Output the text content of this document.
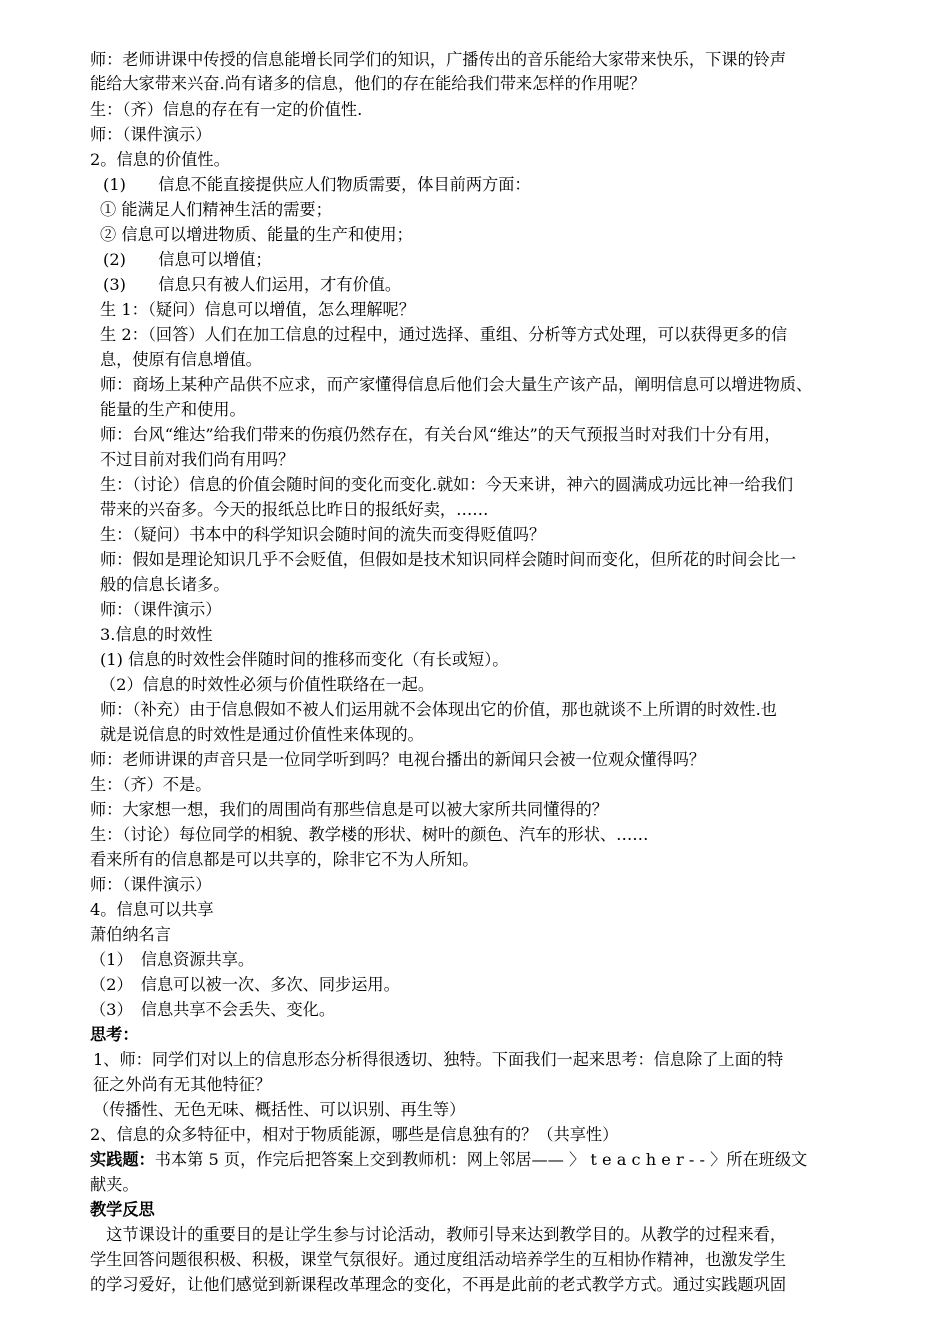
师：老师讲课中传授的信息能增长同学们的知识，广播传出的音乐能给大家带来快乐，下课的铃声
能给大家带来兴奋.尚有诸多的信息，他们的存在能给我们带来怎样的作用呢？
生：（齐）信息的存在有一定的价值性.
师：（课件演示）
2。信息的价值性。
(1)　　信息不能直接提供应人们物质需要，体目前两方面：
① 能满足人们精神生活的需要；
② 信息可以增进物质、能量的生产和使用；
(2)　　信息可以增值；
(3)　　信息只有被人们运用，才有价值。
生 1：（疑问）信息可以增值，怎么理解呢？
生 2：（回答）人们在加工信息的过程中，通过选择、重组、分析等方式处理，可以获得更多的信
息，使原有信息增值。
师：商场上某种产品供不应求，而产家懂得信息后他们会大量生产该产品，阐明信息可以增进物质、
能量的生产和使用。
师：台风“维达”给我们带来的伤痕仍然存在，有关台风“维达”的天气预报当时对我们十分有用，
不过目前对我们尚有用吗？
生：（讨论）信息的价值会随时间的变化而变化.就如：今天来讲，神六的圆满成功远比神一给我们
带来的兴奋多。今天的报纸总比昨日的报纸好卖，……
生：（疑问）书本中的科学知识会随时间的流失而变得贬值吗？
师：假如是理论知识几乎不会贬值，但假如是技术知识同样会随时间而变化，但所花的时间会比一
般的信息长诸多。
师：（课件演示）
3.信息的时效性
(1) 信息的时效性会伴随时间的推移而变化（有长或短）。
（2）信息的时效性必须与价值性联络在一起。
师：（补充）由于信息假如不被人们运用就不会体现出它的价值，那也就谈不上所谓的时效性.也
就是说信息的时效性是通过价值性来体现的。
师：老师讲课的声音只是一位同学听到吗？电视台播出的新闻只会被一位观众懂得吗？
生：（齐）不是。
师：大家想一想，我们的周围尚有那些信息是可以被大家所共同懂得的？
生：（讨论）每位同学的相貌、教学楼的形状、树叶的颜色、汽车的形状、……
看来所有的信息都是可以共享的，除非它不为人所知。
师：（课件演示）
4。信息可以共享
萧伯纳名言
（1）　信息资源共享。
（2）　信息可以被一次、多次、同步运用。
（3）　信息共享不会丢失、变化。
思考：
1、师：同学们对以上的信息形态分析得很透切、独特。下面我们一起来思考：信息除了上面的特
征之外尚有无其他特征？
（传播性、无色无味、概括性、可以识别、再生等）
2、信息的众多特征中，相对于物质能源，哪些是信息独有的？（共享性）
实践题：书本第 5 页，作完后把答案上交到教师机：网上邻居—— 〉 t e a c h e r - - 〉所在班级文
献夹。
教学反思
　这节课设计的重要目的是让学生参与讨论活动，教师引导来达到教学目的。从教学的过程来看，
学生回答问题很积极、积极，课堂气氛很好。通过度组活动培养学生的互相协作精神，也激发学生
的学习爱好，让他们感觉到新课程改革理念的变化，不再是此前的老式教学方式。通过实践题巩固
